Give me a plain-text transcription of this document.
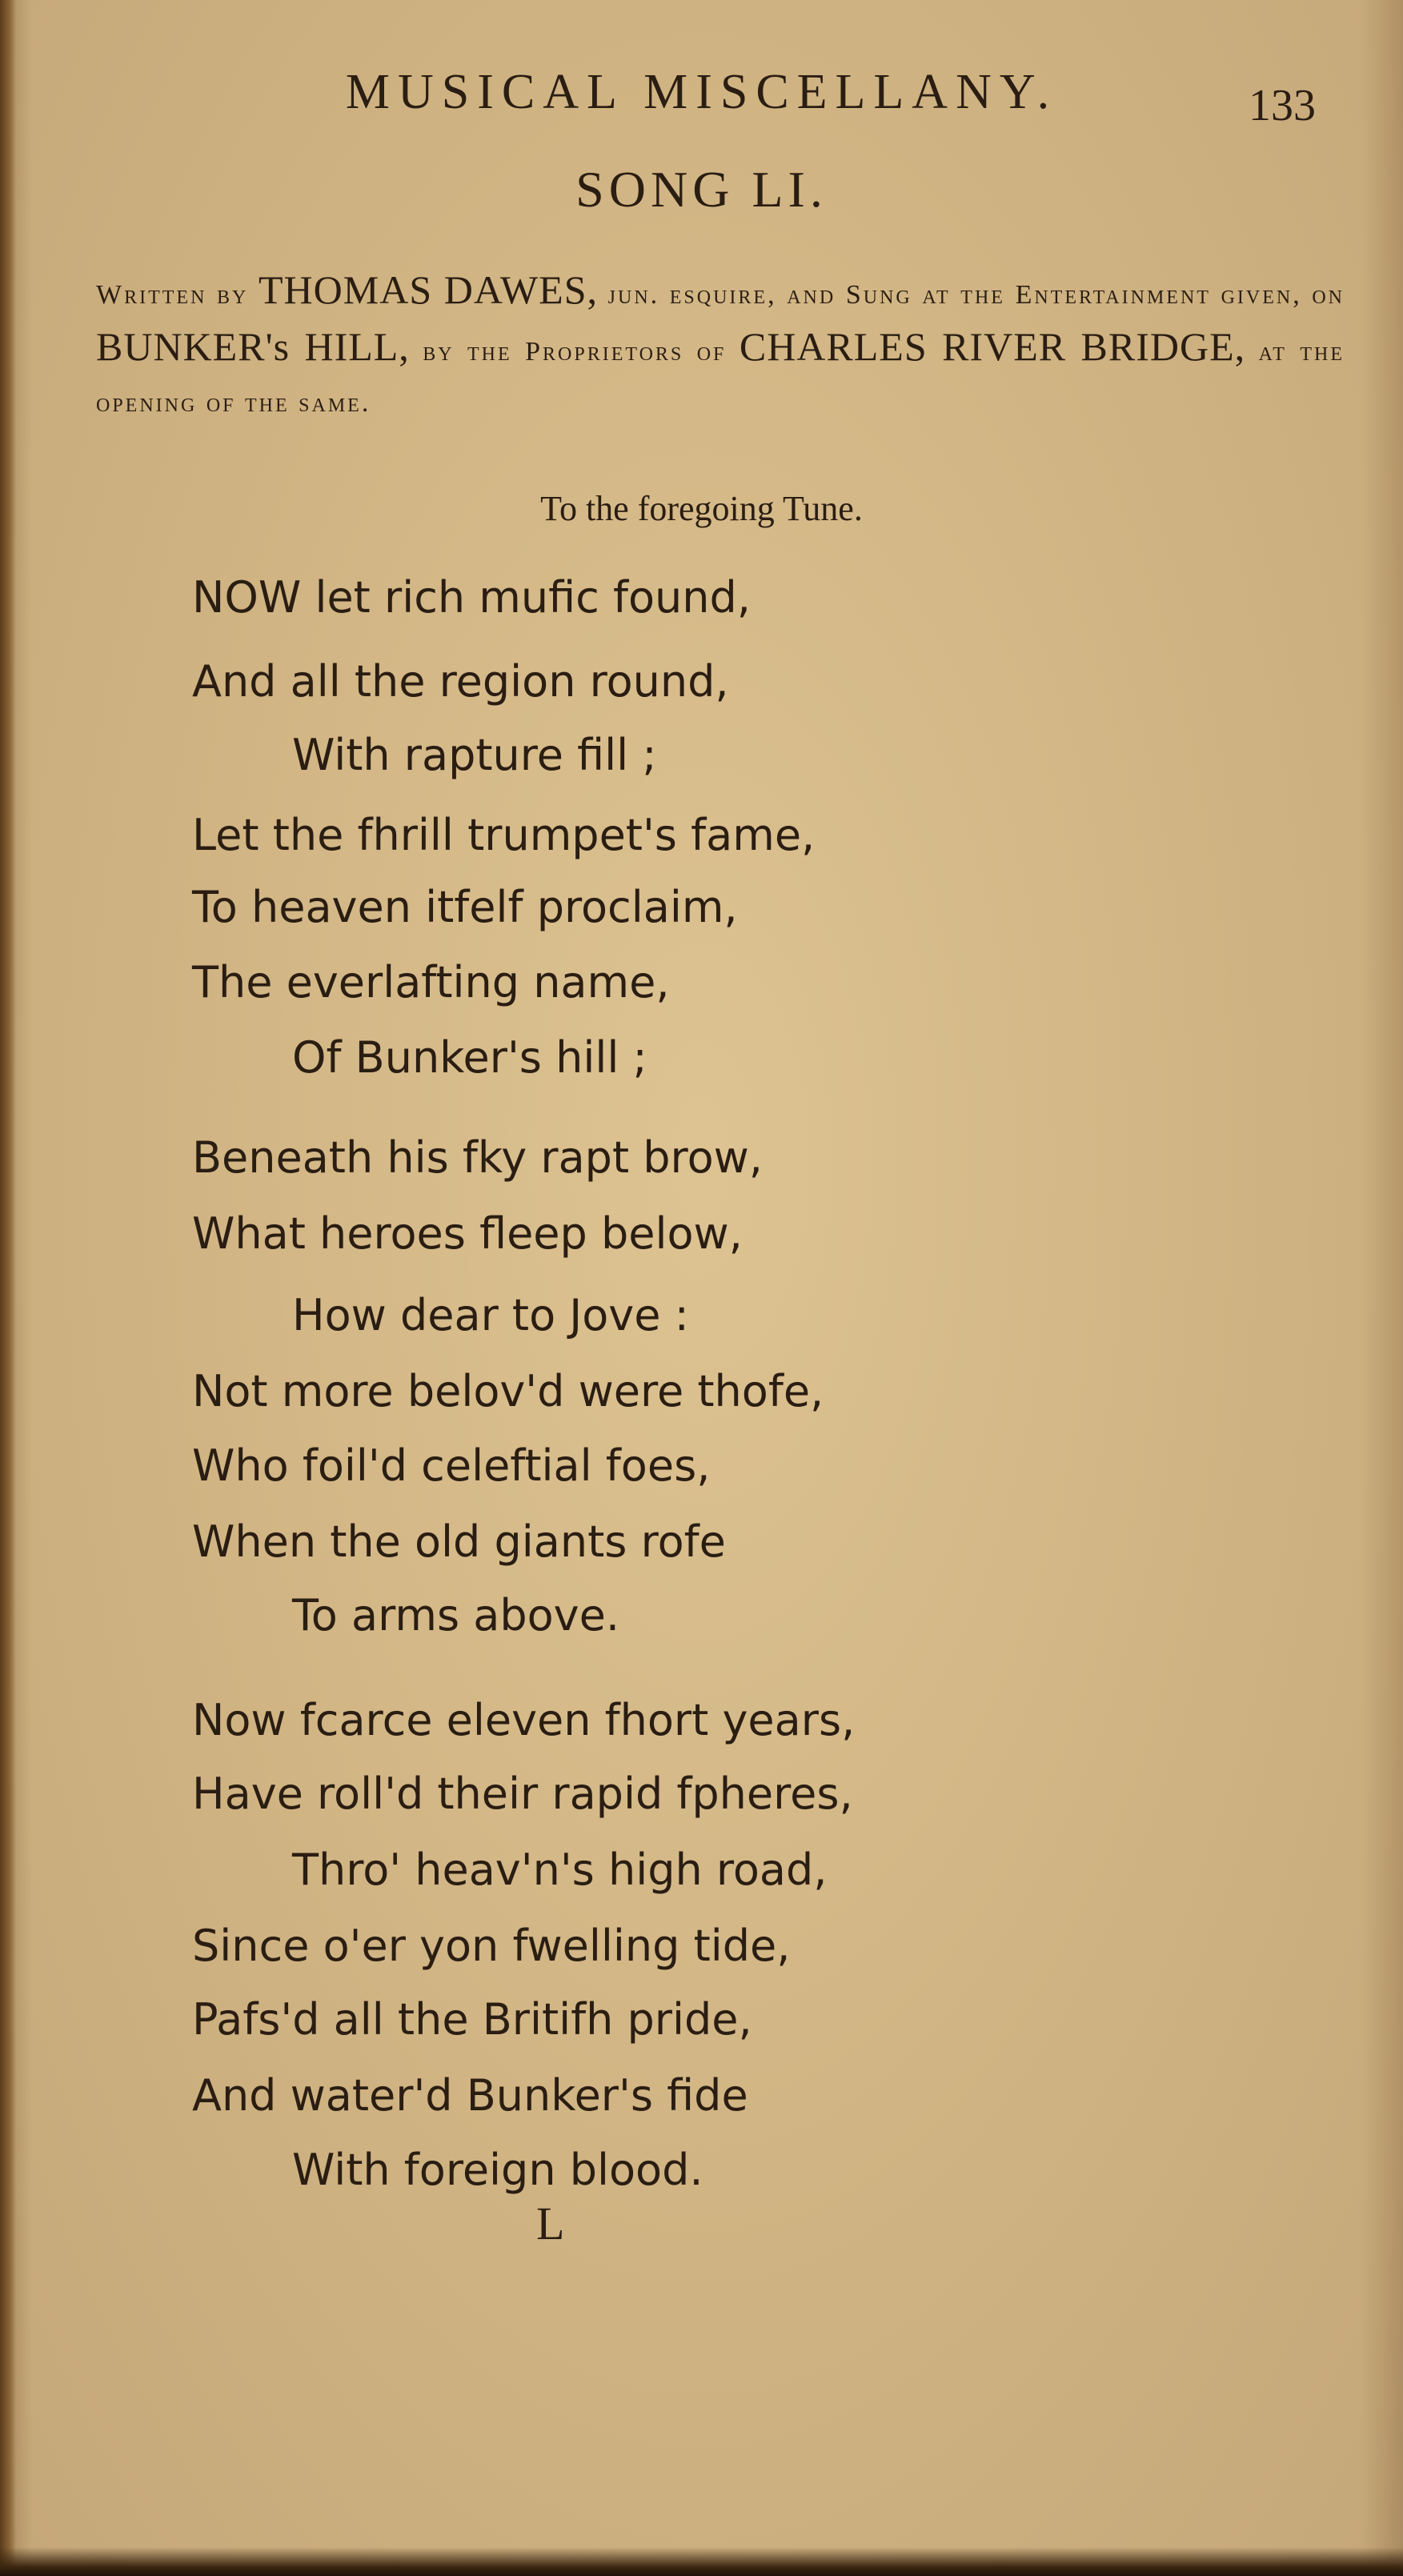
MUSICAL MISCELLANY.	133
SONG LI.
Written by THOMAS DAWES, jun. esquire, and Sung at the Entertainment given, on BUNKER's HILL, by the Proprietors of CHARLES RIVER BRIDGE, at the opening of the same.
To the foregoing Tune.
NOW let rich mufic found,
And all the region round,
With rapture fill ;
Let the fhrill trumpet's fame,
To heaven itfelf proclaim,
The everlafting name,
Of Bunker's hill ;
Beneath his fky rapt brow,
What heroes fleep below,
How dear to Jove :
Not more belov'd were thofe,
Who foil'd celeftial foes,
When the old giants rofe
To arms above.
Now fcarce eleven fhort years,
Have roll'd their rapid fpheres,
Thro' heav'n's high road,
Since o'er yon fwelling tide,
Pafs'd all the Britifh pride,
And water'd Bunker's fide
With foreign blood.
L
